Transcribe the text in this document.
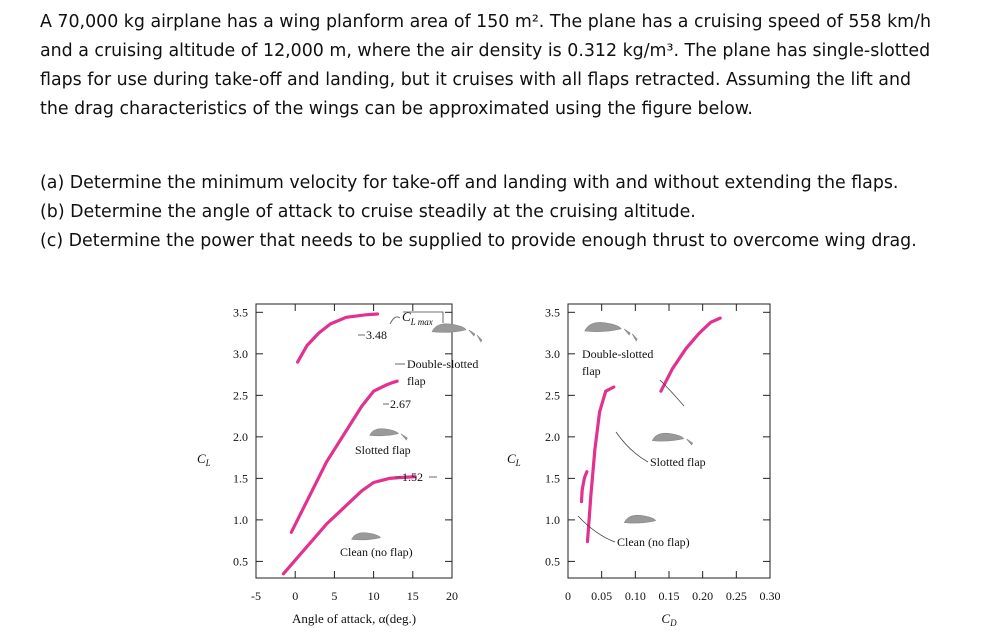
A 70,000 kg airplane has a wing planform area of 150 m². The plane has a cruising speed of 558 km/h
and a cruising altitude of 12,000 m, where the air density is 0.312 kg/m³. The plane has single-slotted
flaps for use during take-off and landing, but it cruises with all flaps retracted. Assuming the lift and
the drag characteristics of the wings can be approximated using the figure below.
(a) Determine the minimum velocity for take-off and landing with and without extending the flaps.
(b) Determine the angle of attack to cruise steadily at the cruising altitude.
(c) Determine the power that needs to be supplied to provide enough thrust to overcome wing drag.
0.5
1.0
1.5
2.0
2.5
3.0
3.5
-5	0	5	10 15 20
$C_L$
Angle of attack, α(deg.)
$C_{L max}$
3.48
Double-slotted
flap
2.67
Slotted flap
1.52
Clean (no flap)
0.5
1.0
1.5
2.0
2.5
3.0
3.5
0 0.05 0.10 0.15 0.20 0.25 0.30
$C_L$
$C_D$
Double-slotted
flap
Slotted flap
Clean (no flap)
